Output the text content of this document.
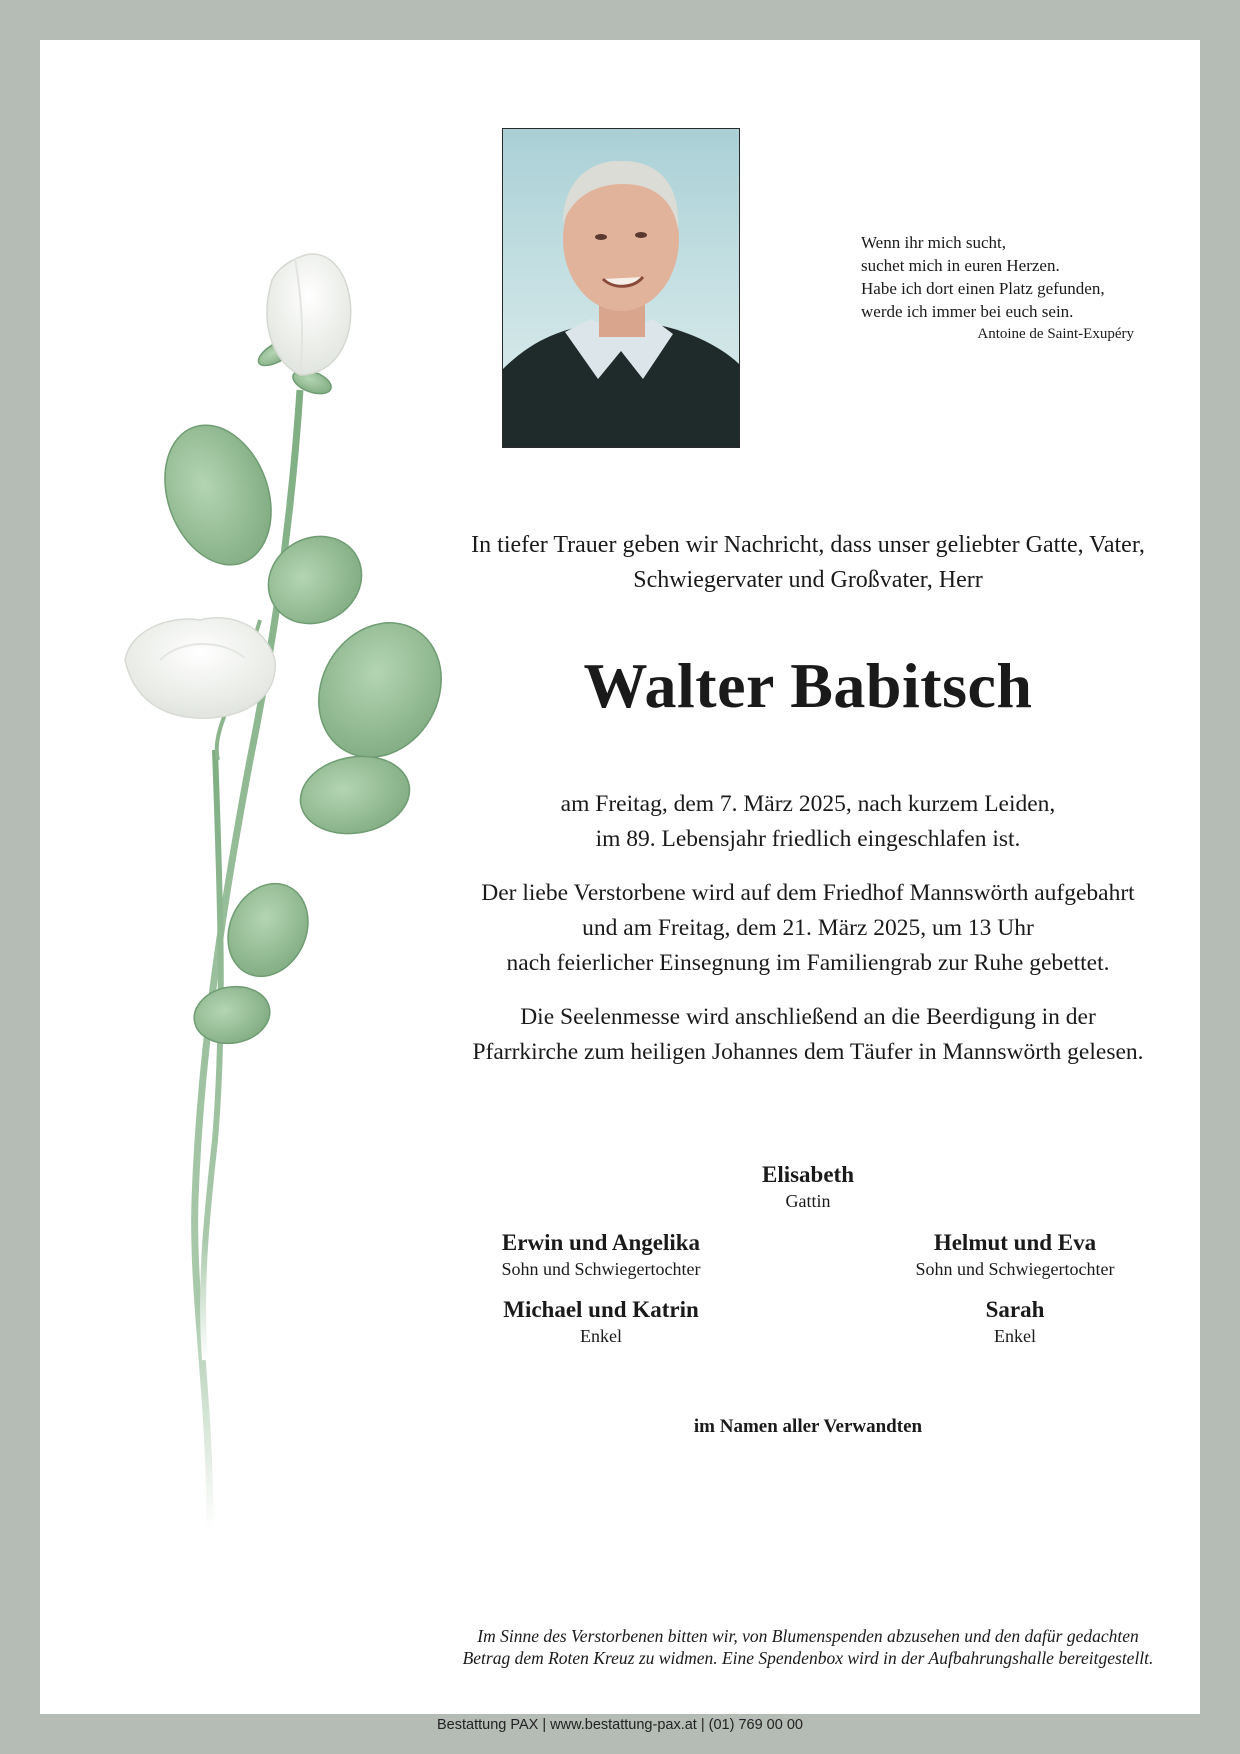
Wenn ihr mich sucht,
suchet mich in euren Herzen.
Habe ich dort einen Platz gefunden,
werde ich immer bei euch sein.
Antoine de Saint-Exupéry
In tiefer Trauer geben wir Nachricht, dass unser geliebter Gatte, Vater,
Schwiegervater und Großvater, Herr
Walter Babitsch
am Freitag, dem 7. März 2025, nach kurzem Leiden,
im 89. Lebensjahr friedlich eingeschlafen ist.
Der liebe Verstorbene wird auf dem Friedhof Mannswörth aufgebahrt
und am Freitag, dem 21. März 2025, um 13 Uhr
nach feierlicher Einsegnung im Familiengrab zur Ruhe gebettet.
Die Seelenmesse wird anschließend an die Beerdigung in der
Pfarrkirche zum heiligen Johannes dem Täufer in Mannswörth gelesen.
Elisabeth
Gattin
Erwin und Angelika
Sohn und Schwiegertochter
Helmut und Eva
Sohn und Schwiegertochter
Michael und Katrin
Enkel
Sarah
Enkel
im Namen aller Verwandten
Im Sinne des Verstorbenen bitten wir, von Blumenspenden abzusehen und den dafür gedachten
Betrag dem Roten Kreuz zu widmen. Eine Spendenbox wird in der Aufbahrungshalle bereitgestellt.
Bestattung PAX | www.bestattung-pax.at | (01) 769 00 00
